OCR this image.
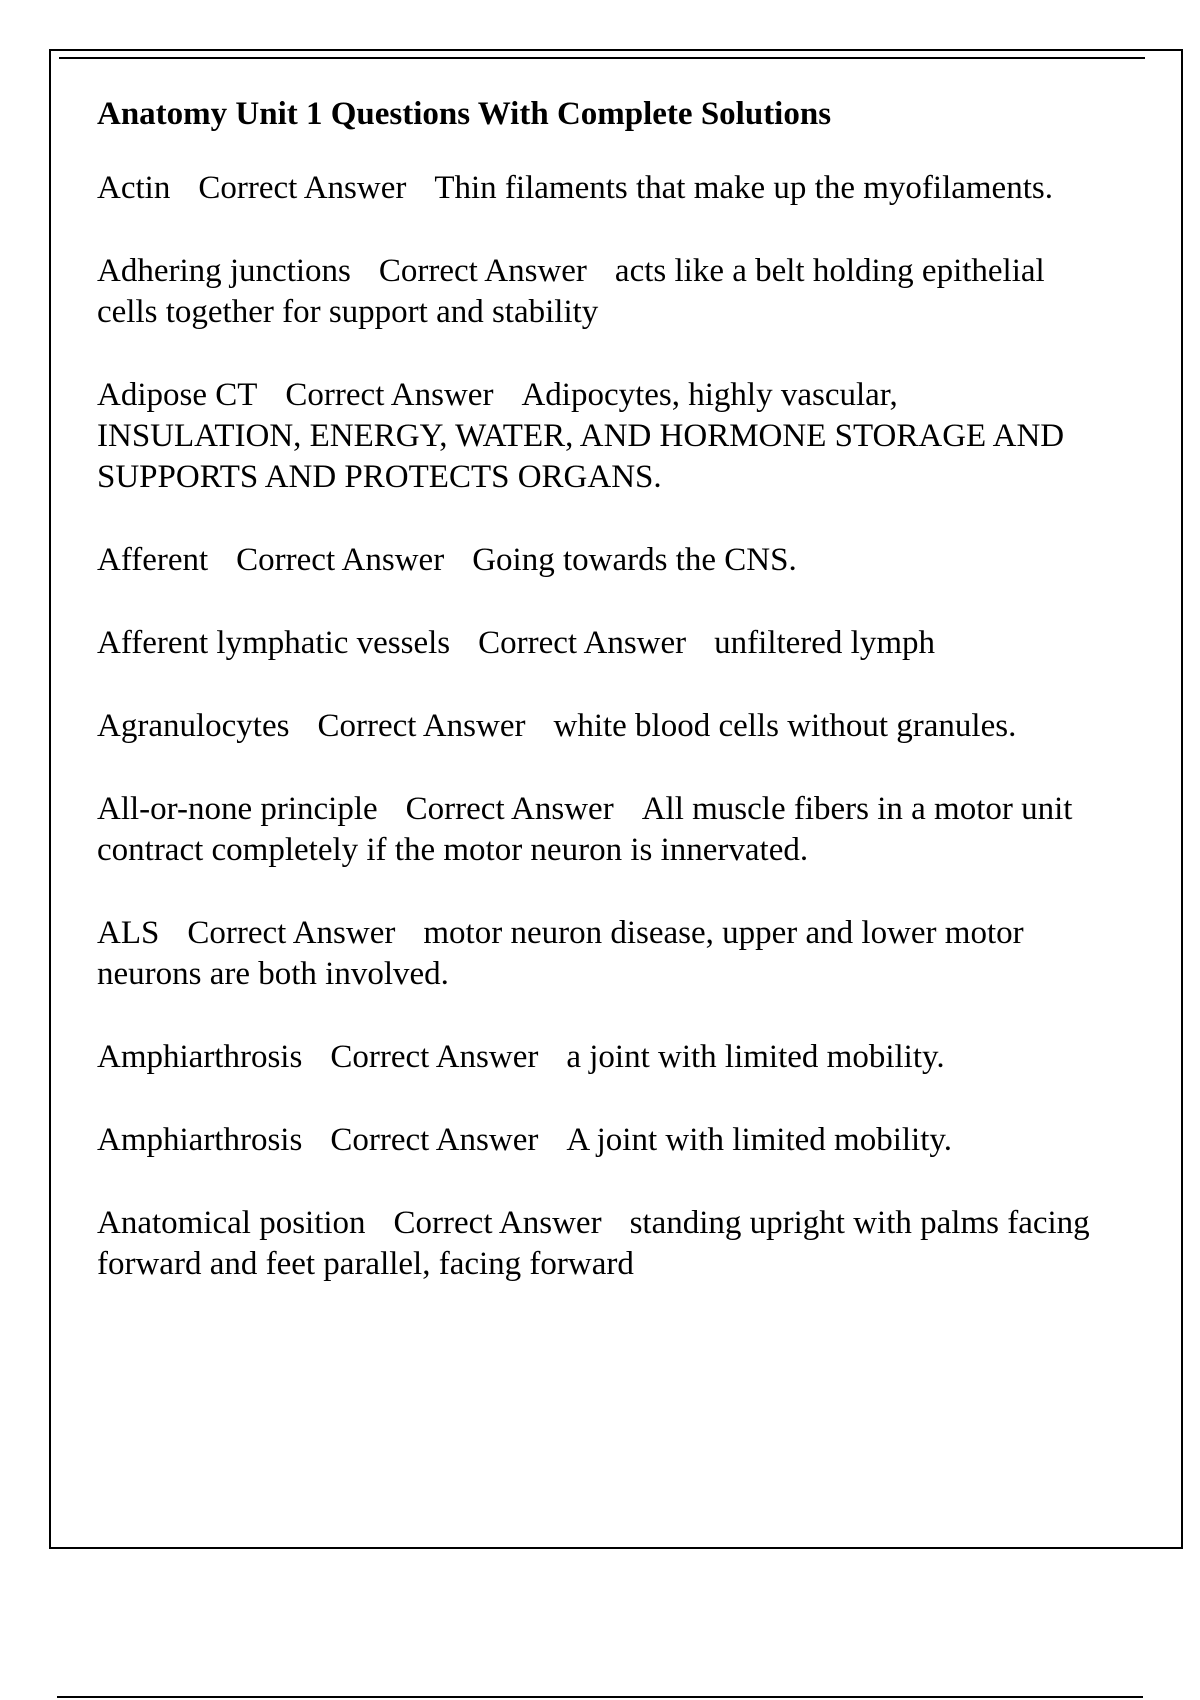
Anatomy Unit 1 Questions With Complete Solutions
Actin Correct Answer Thin filaments that make up the myofilaments.
Adhering junctions Correct Answer acts like a belt holding epithelial cells together for support and stability
Adipose CT Correct Answer Adipocytes, highly vascular, INSULATION, ENERGY, WATER, AND HORMONE STORAGE AND SUPPORTS AND PROTECTS ORGANS.
Afferent Correct Answer Going towards the CNS.
Afferent lymphatic vessels Correct Answer unfiltered lymph
Agranulocytes Correct Answer white blood cells without granules.
All-or-none principle Correct Answer All muscle fibers in a motor unit contract completely if the motor neuron is innervated.
ALS Correct Answer motor neuron disease, upper and lower motor neurons are both involved.
Amphiarthrosis Correct Answer a joint with limited mobility.
Amphiarthrosis Correct Answer A joint with limited mobility.
Anatomical position Correct Answer standing upright with palms facing forward and feet parallel, facing forward
